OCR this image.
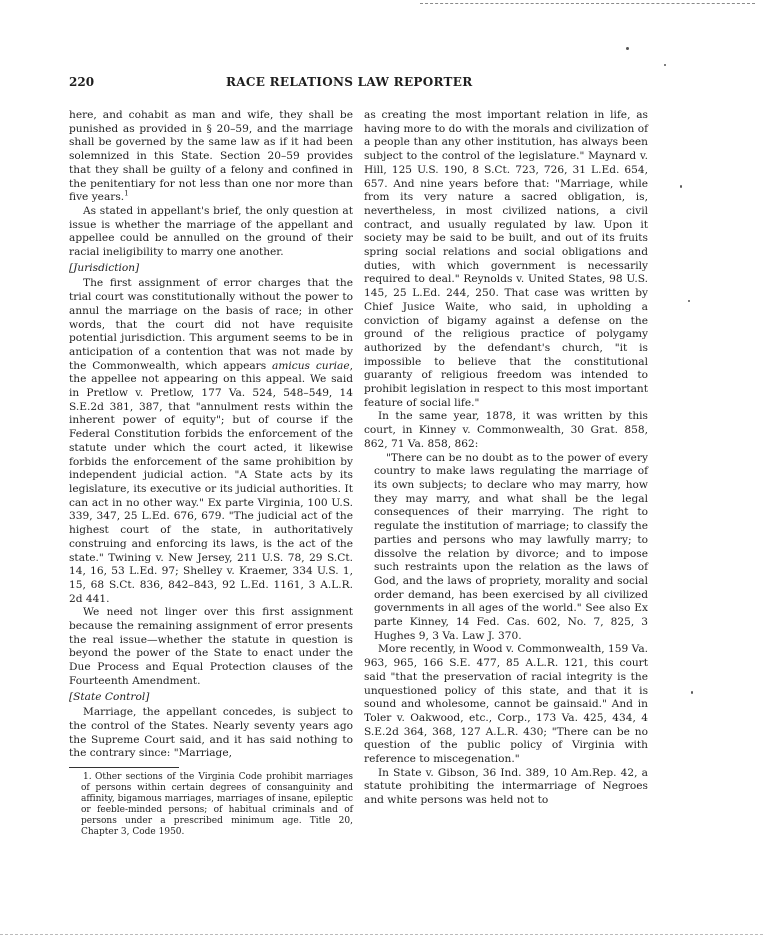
220	RACE RELATIONS LAW REPORTER

here, and cohabit as man and wife, they shall be punished as provided in § 20–59, and the marriage shall be governed by the same law as if it had been solemnized in this State. Section 20–59 provides that they shall be guilty of a felony and confined in the penitentiary for not less than one nor more than five years.$^1$

As stated in appellant's brief, the only question at issue is whether the marriage of the appellant and appellee could be annulled on the ground of their racial ineligibility to marry one another.

[Jurisdiction]

The first assignment of error charges that the trial court was constitutionally without the power to annul the marriage on the basis of race; in other words, that the court did not have requisite potential jurisdiction. This argument seems to be in anticipation of a contention that was not made by the Commonwealth, which appears amicus curiae, the appellee not appearing on this appeal. We said in Pretlow v. Pretlow, 177 Va. 524, 548–549, 14 S.E.2d 381, 387, that "annulment rests within the inherent power of equity"; but of course if the Federal Constitution forbids the enforcement of the statute under which the court acted, it likewise forbids the enforcement of the same prohibition by independent judicial action. "A State acts by its legislature, its executive or its judicial authorities. It can act in no other way." Ex parte Virginia, 100 U.S. 339, 347, 25 L.Ed. 676, 679. "The judicial act of the highest court of the state, in authoritatively construing and enforcing its laws, is the act of the state." Twining v. New Jersey, 211 U.S. 78, 29 S.Ct. 14, 16, 53 L.Ed. 97; Shelley v. Kraemer, 334 U.S. 1, 15, 68 S.Ct. 836, 842–843, 92 L.Ed. 1161, 3 A.L.R. 2d 441.

We need not linger over this first assignment because the remaining assignment of error presents the real issue—whether the statute in question is beyond the power of the State to enact under the Due Process and Equal Protection clauses of the Fourteenth Amendment.

[State Control]

Marriage, the appellant concedes, is subject to the control of the States. Nearly seventy years ago the Supreme Court said, and it has said nothing to the contrary since: "Marriage,

1. Other sections of the Virginia Code prohibit marriages of persons within certain degrees of consanguinity and affinity, bigamous marriages, marriages of insane, epileptic or feeble-minded persons; of habitual criminals and of persons under a prescribed minimum age. Title 20, Chapter 3, Code 1950.

as creating the most important relation in life, as having more to do with the morals and civilization of a people than any other institution, has always been subject to the control of the legislature." Maynard v. Hill, 125 U.S. 190, 8 S.Ct. 723, 726, 31 L.Ed. 654, 657. And nine years before that: "Marriage, while from its very nature a sacred obligation, is, nevertheless, in most civilized nations, a civil contract, and usually regulated by law. Upon it society may be said to be built, and out of its fruits spring social relations and social obligations and duties, with which government is necessarily required to deal." Reynolds v. United States, 98 U.S. 145, 25 L.Ed. 244, 250. That case was written by Chief Jusice Waite, who said, in upholding a conviction of bigamy against a defense on the ground of the religious practice of polygamy authorized by the defendant's church, "it is impossible to believe that the constitutional guaranty of religious freedom was intended to prohibit legislation in respect to this most important feature of social life."

In the same year, 1878, it was written by this court, in Kinney v. Commonwealth, 30 Grat. 858, 862, 71 Va. 858, 862:

"There can be no doubt as to the power of every country to make laws regulating the marriage of its own subjects; to declare who may marry, how they may marry, and what shall be the legal consequences of their marrying. The right to regulate the institution of marriage; to classify the parties and persons who may lawfully marry; to dissolve the relation by divorce; and to impose such restraints upon the relation as the laws of God, and the laws of propriety, morality and social order demand, has been exercised by all civilized governments in all ages of the world." See also Ex parte Kinney, 14 Fed. Cas. 602, No. 7, 825, 3 Hughes 9, 3 Va. Law J. 370.

More recently, in Wood v. Commonwealth, 159 Va. 963, 965, 166 S.E. 477, 85 A.L.R. 121, this court said "that the preservation of racial integrity is the unquestioned policy of this state, and that it is sound and wholesome, cannot be gainsaid." And in Toler v. Oakwood, etc., Corp., 173 Va. 425, 434, 4 S.E.2d 364, 368, 127 A.L.R. 430; "There can be no question of the public policy of Virginia with reference to miscegenation."

In State v. Gibson, 36 Ind. 389, 10 Am.Rep. 42, a statute prohibiting the intermarriage of Negroes and white persons was held not to
